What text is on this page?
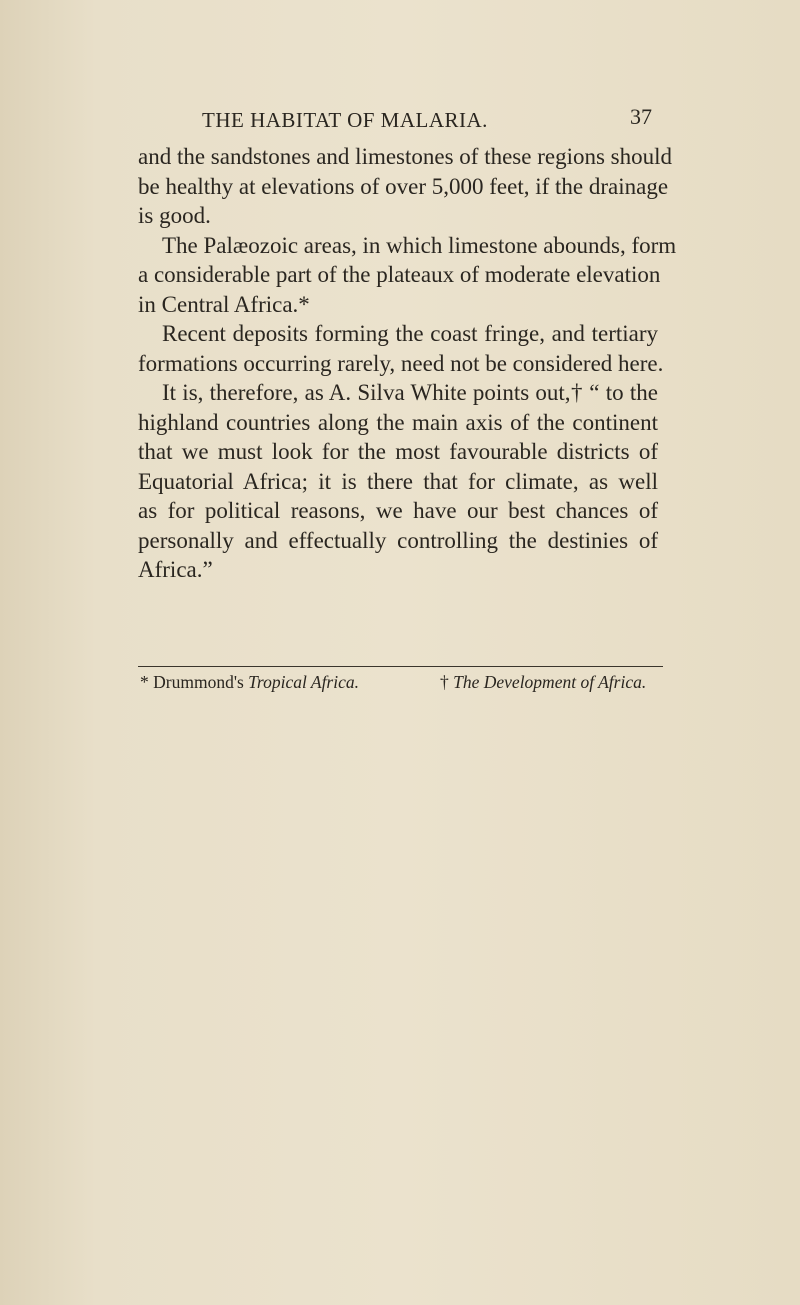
THE HABITAT OF MALARIA.	37
and the sandstones and limestones of these regions should
be healthy at elevations of over 5,000 feet, if the drainage
is good.
The Palæozoic areas, in which limestone abounds, form
a considerable part of the plateaux of moderate elevation
in Central Africa.*
Recent deposits forming the coast fringe, and tertiary
formations occurring rarely, need not be considered here.
It is, therefore, as A. Silva White points out,† “ to the
highland countries along the main axis of the continent
that we must look for the most favourable districts of
Equatorial Africa; it is there that for climate, as well
as for political reasons, we have our best chances of
personally and effectually controlling the destinies of
Africa.”
* Drummond's Tropical Africa.	† The Development of Africa.
